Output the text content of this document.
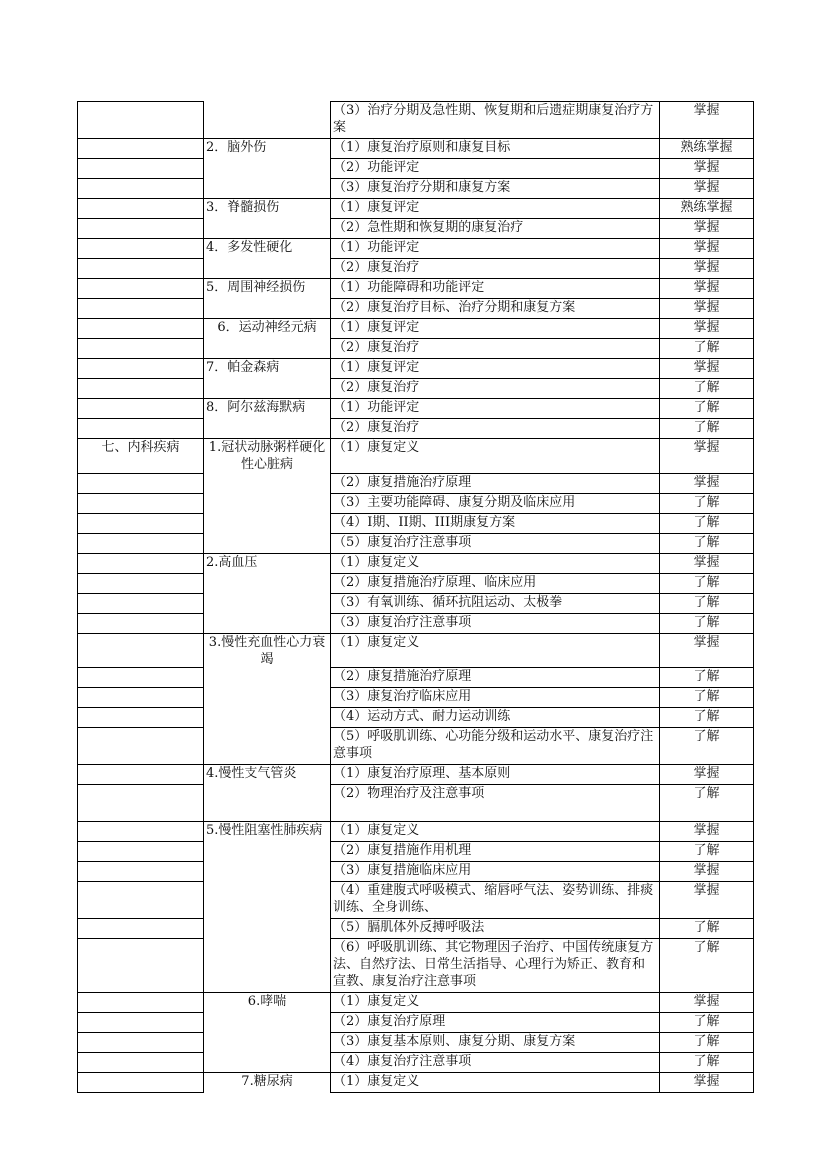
		（3）治疗分期及急性期、恢复期和后遗症期康复治疗方案	掌握
	2．脑外伤	（1）康复治疗原则和康复目标	熟练掌握
		（2）功能评定	掌握
		（3）康复治疗分期和康复方案	掌握
	3．脊髓损伤	（1）康复评定	熟练掌握
		（2）急性期和恢复期的康复治疗	掌握
	4．多发性硬化	（1）功能评定	掌握
		（2）康复治疗	掌握
	5．周围神经损伤	（1）功能障碍和功能评定	掌握
		（2）康复治疗目标、治疗分期和康复方案	掌握
	6．运动神经元病	（1）康复评定	掌握
		（2）康复治疗	了解
	7．帕金森病	（1）康复评定	掌握
		（2）康复治疗	了解
	8．阿尔兹海默病	（1）功能评定	了解
		（2）康复治疗	了解
七、内科疾病	1.冠状动脉粥样硬化性心脏病	（1）康复定义	掌握
		（2）康复措施治疗原理	掌握
		（3）主要功能障碍、康复分期及临床应用	了解
		（4）I期、II期、III期康复方案	了解
		（5）康复治疗注意事项	了解
	2.高血压	（1）康复定义	掌握
		（2）康复措施治疗原理、临床应用	了解
		（3）有氧训练、循环抗阻运动、太极拳	了解
		（3）康复治疗注意事项	了解
	3.慢性充血性心力衰竭	（1）康复定义	掌握
		（2）康复措施治疗原理	了解
		（3）康复治疗临床应用	了解
		（4）运动方式、耐力运动训练	了解
		（5）呼吸肌训练、心功能分级和运动水平、康复治疗注意事项	了解
	4.慢性支气管炎	（1）康复治疗原理、基本原则	掌握
		（2）物理治疗及注意事项	了解
	5.慢性阻塞性肺疾病	（1）康复定义	掌握
		（2）康复措施作用机理	了解
		（3）康复措施临床应用	掌握
		（4）重建腹式呼吸模式、缩唇呼气法、姿势训练、排痰训练、全身训练、	掌握
		（5）膈肌体外反搏呼吸法	了解
		（6）呼吸肌训练、其它物理因子治疗、中国传统康复方法、自然疗法、日常生活指导、心理行为矫正、教育和宣教、康复治疗注意事项	了解
	6.哮喘	（1）康复定义	掌握
		（2）康复治疗原理	了解
		（3）康复基本原则、康复分期、康复方案	了解
		（4）康复治疗注意事项	了解
	7.糖尿病	（1）康复定义	掌握
